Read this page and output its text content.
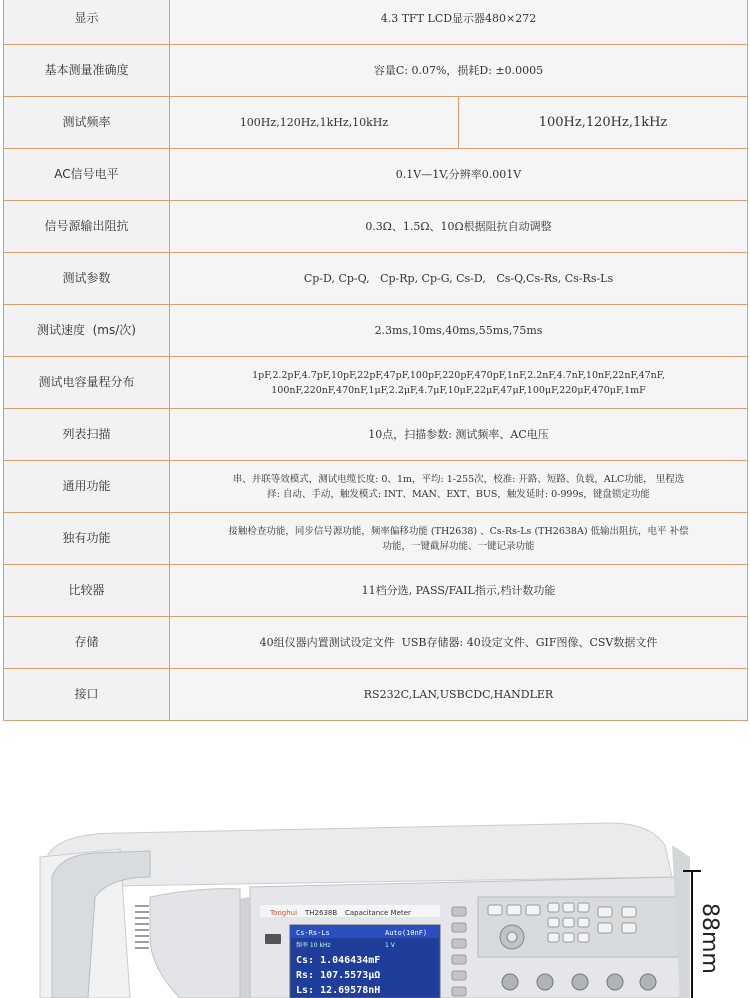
显示	4.3 TFT LCD显示器480×272	
基本测量准确度	容量C: 0.07%，损耗D: ±0.0005	
测试频率	100Hz,120Hz,1kHz,10kHz	100Hz,120Hz,1kHz
AC信号电平	0.1V—1V,分辨率0.001V	
信号源输出阻抗	0.3Ω、1.5Ω、10Ω根据阻抗自动调整	
测试参数	Cp-D, Cp-Q,   Cp-Rp, Cp-G, Cs-D,   Cs-Q,Cs-Rs, Cs-Rs-Ls	
测试速度  (ms/次)	2.3ms,10ms,40ms,55ms,75ms	
测试电容量程分布	1pF,2.2pF,4.7pF,10pF,22pF,47pF,100pF,220pF,470pF,1nF,2.2nF,4.7nF,10nF,22nF,47nF,
100nF,220nF,470nF,1μF,2.2μF,4.7μF,10μF,22μF,47μF,100μF,220μF,470μF,1mF	

列表扫描	10点，扫描参数: 测试频率、AC电压	
通用功能	串、并联等效模式，测试电缆长度: 0、1m，平均: 1-255次，校准: 开路、短路、负载，ALC功能， 里程选
择: 自动、手动，触发模式: INT、MAN、EXT、BUS，触发延时: 0-999s，键盘锁定功能	

独有功能	接触检查功能，同步信号源功能，频率偏移功能 (TH2638) 、Cs-Rs-Ls (TH2638A) 低输出阻抗，电平 补偿
功能，一键截屏功能、一键记录功能	

比较器	11档分选, PASS/FAIL指示,档计数功能	
存储	40组仪器内置测试设定文件  USB存储器: 40设定文件、GIF图像、CSV数据文件	
接口	RS232C,LAN,USBCDC,HANDLER	
Tonghui TH2638B Capacitance Meter
Cs-Rs-Ls	Auto(10nF)
频率 10 kHz	1 V
Cs: 1.046434mF
Rs: 107.5573μΩ
Ls: 12.69578nH
88mm
